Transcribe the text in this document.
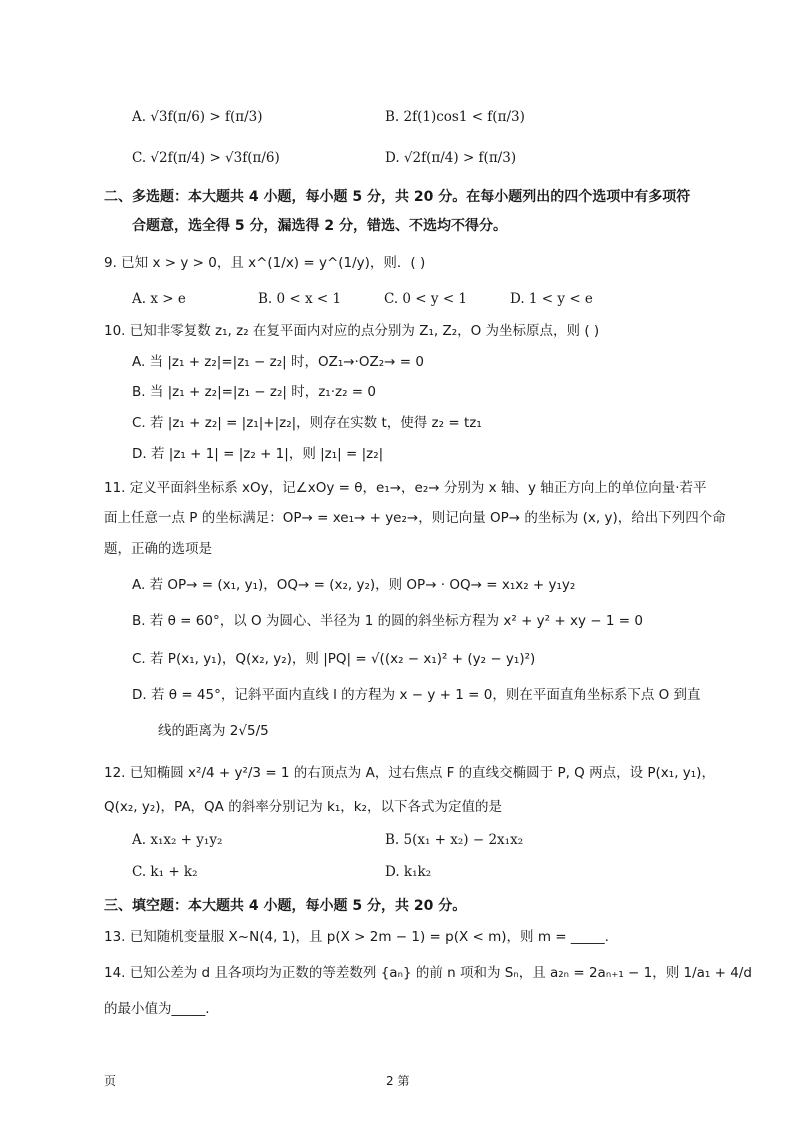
A. √3f(π/6) > f(π/3)	B. 2f(1)cos1 < f(π/3)
C. √2f(π/4) > √3f(π/6)	D. √2f(π/4) > f(π/3)
二、多选题：本大题共 4 小题，每小题 5 分，共 20 分。在每小题列出的四个选项中有多项符
合题意，选全得 5 分，漏选得 2 分，错选、不选均不得分。
9. 已知 x > y > 0，且 x^(1/x) = y^(1/y)，则．( )
A. x > e	B. 0 < x < 1	C. 0 < y < 1	D. 1 < y < e
10. 已知非零复数 z₁, z₂ 在复平面内对应的点分别为 Z₁, Z₂，O 为坐标原点，则 ( )
A. 当 |z₁ + z₂|=|z₁ − z₂| 时，OZ₁→·OZ₂→ = 0
B. 当 |z₁ + z₂|=|z₁ − z₂| 时，z₁·z₂ = 0
C. 若 |z₁ + z₂| = |z₁|+|z₂|，则存在实数 t，使得 z₂ = tz₁
D. 若 |z₁ + 1| = |z₂ + 1|，则 |z₁| = |z₂|
11. 定义平面斜坐标系 xOy，记∠xOy = θ，e₁→，e₂→ 分别为 x 轴、y 轴正方向上的单位向量·若平
面上任意一点 P 的坐标满足：OP→ = xe₁→ + ye₂→，则记向量 OP→ 的坐标为 (x, y)，给出下列四个命
题，正确的选项是
A. 若 OP→ = (x₁, y₁)，OQ→ = (x₂, y₂)，则 OP→ · OQ→ = x₁x₂ + y₁y₂
B. 若 θ = 60°，以 O 为圆心、半径为 1 的圆的斜坐标方程为 x² + y² + xy − 1 = 0
C. 若 P(x₁, y₁)，Q(x₂, y₂)，则 |PQ| = √((x₂ − x₁)² + (y₂ − y₁)²)
D. 若 θ = 45°，记斜平面内直线 l 的方程为 x − y + 1 = 0，则在平面直角坐标系下点 O 到直
线的距离为 2√5/5
12. 已知椭圆 x²/4 + y²/3 = 1 的右顶点为 A，过右焦点 F 的直线交椭圆于 P, Q 两点，设 P(x₁, y₁)，
Q(x₂, y₂)，PA，QA 的斜率分别记为 k₁，k₂，以下各式为定值的是
A. x₁x₂ + y₁y₂	B. 5(x₁ + x₂) − 2x₁x₂
C. k₁ + k₂	D. k₁k₂
三、填空题：本大题共 4 小题，每小题 5 分，共 20 分。
13. 已知随机变量服 X~N(4, 1)，且 p(X > 2m − 1) = p(X < m)，则 m = _____.
14. 已知公差为 d 且各项均为正数的等差数列 {aₙ} 的前 n 项和为 Sₙ，且 a₂ₙ = 2aₙ₊₁ − 1，则 1/a₁ + 4/d
的最小值为_____.
页	2 第
